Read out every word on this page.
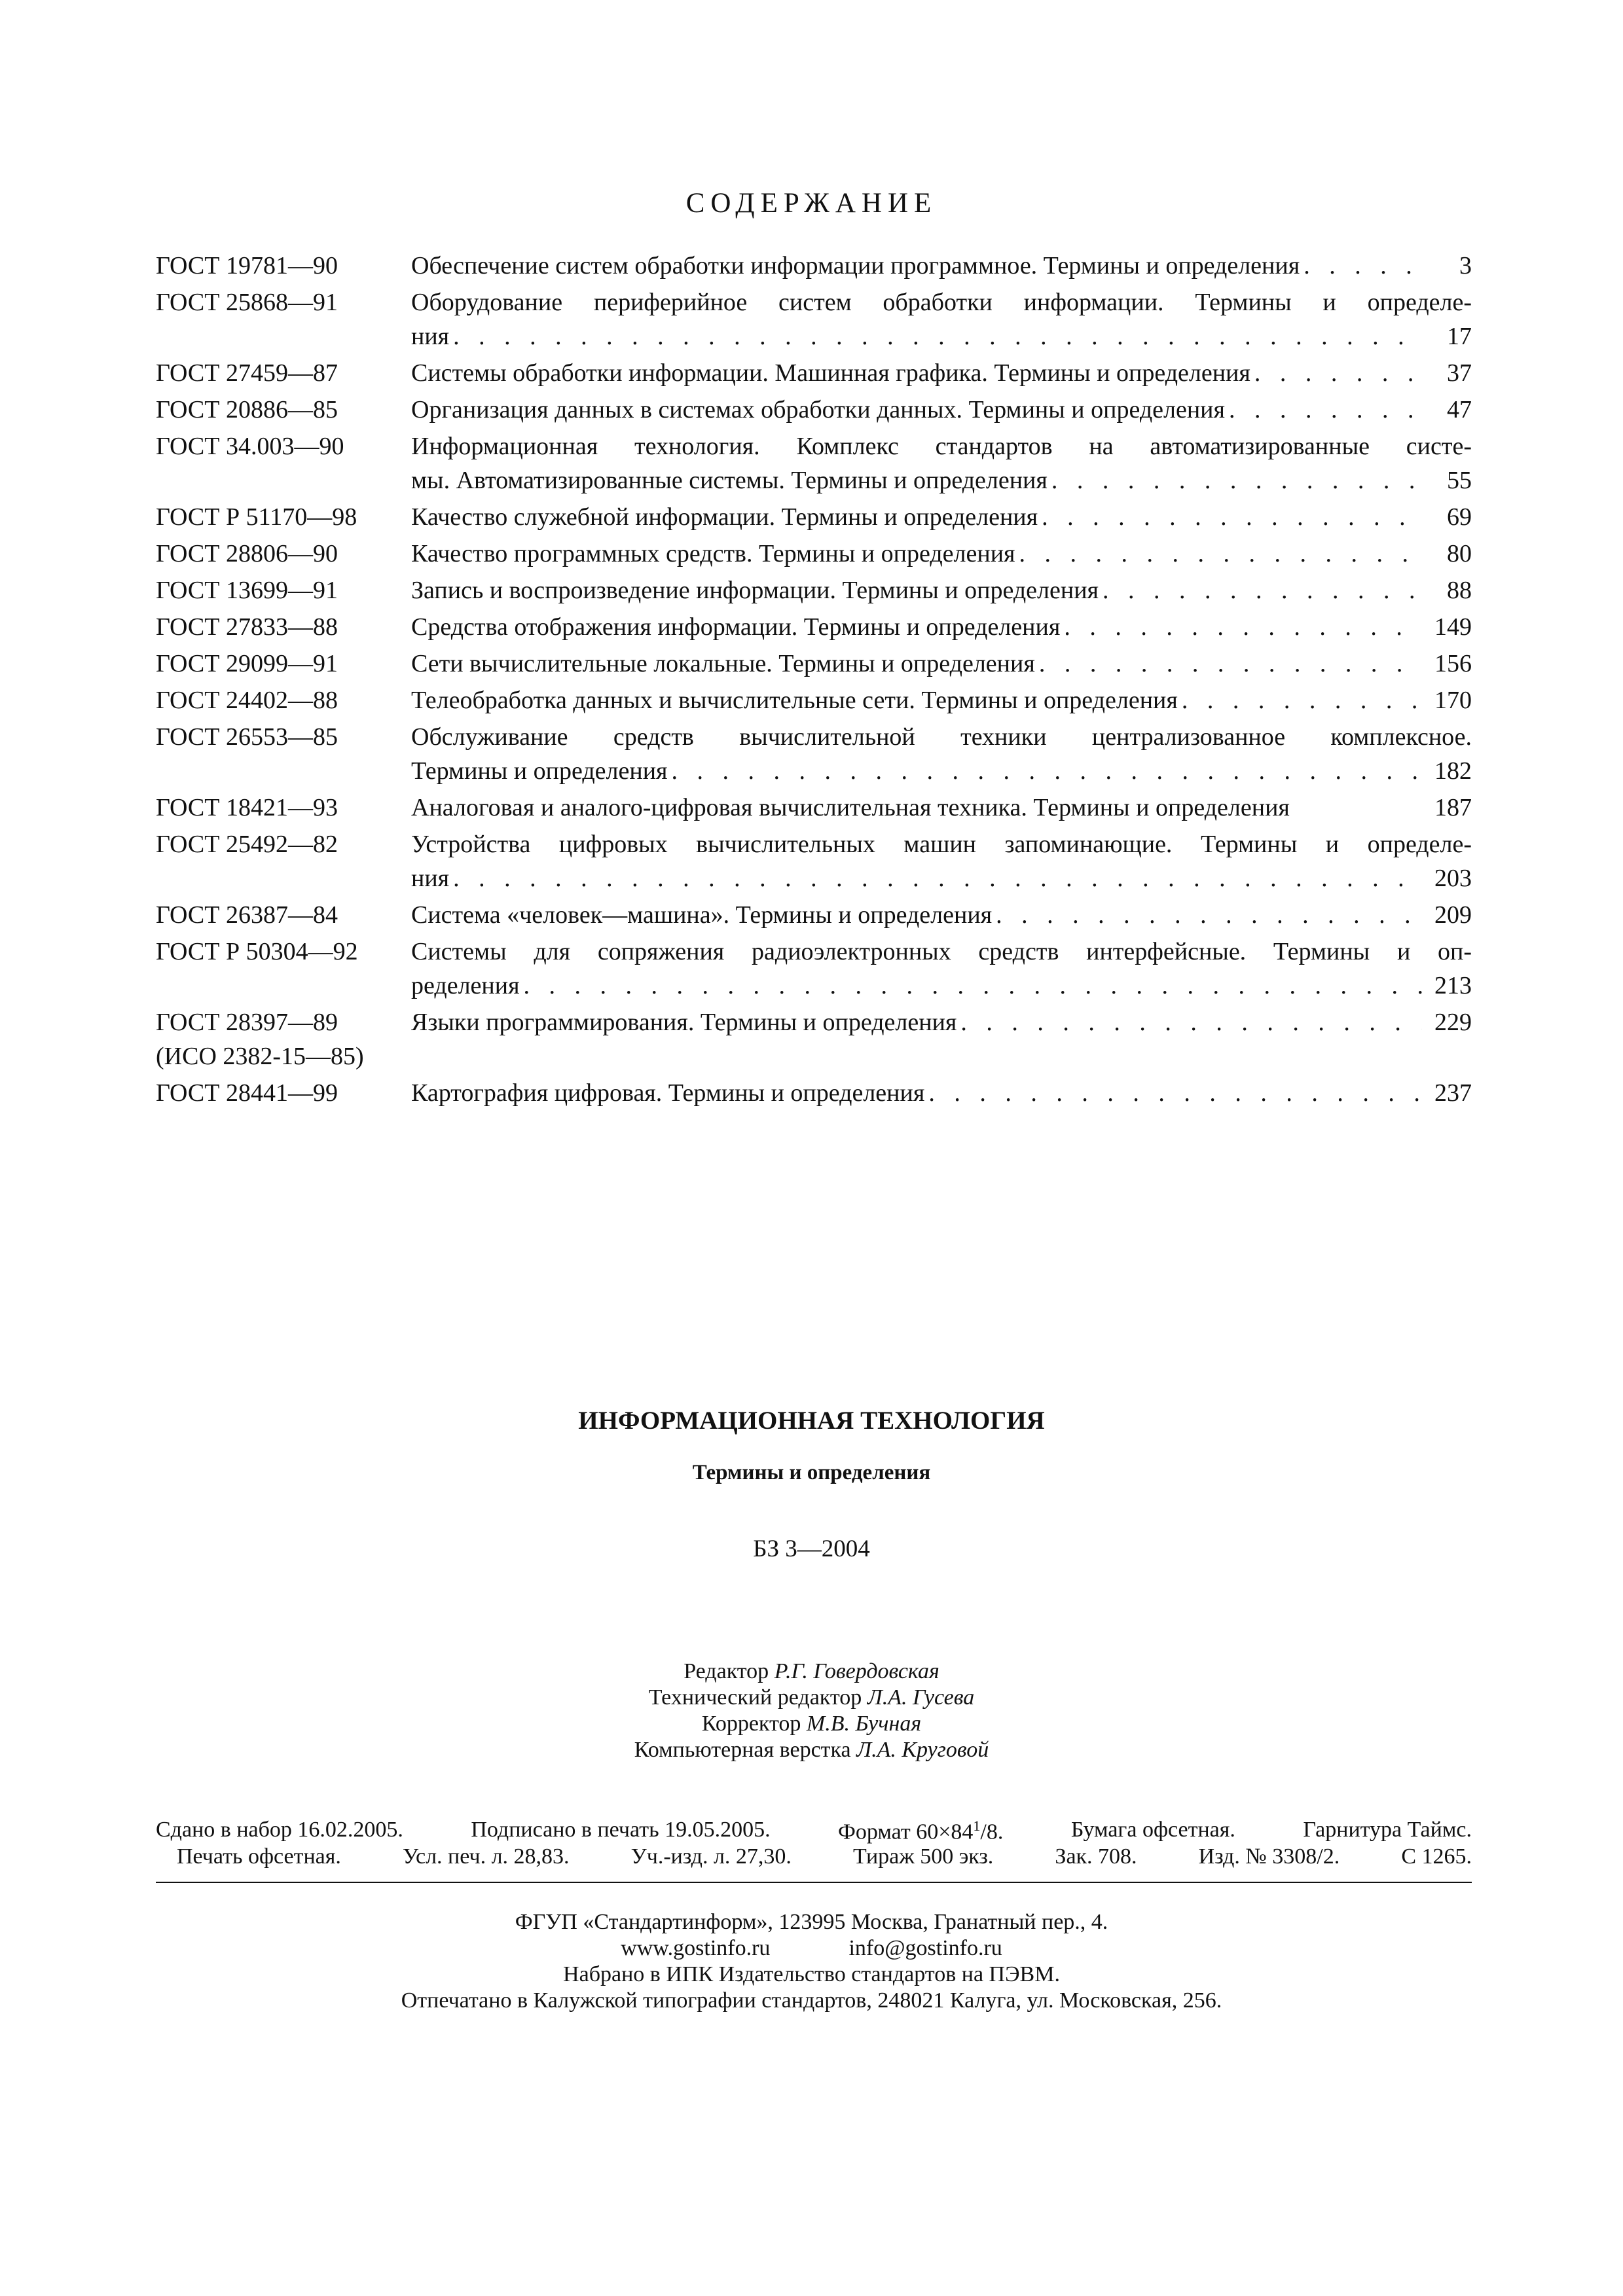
СОДЕРЖАНИЕ
ГОСТ 19781—90	Обеспечение систем обработки информации программное. Термины и определения . . .	3
ГОСТ 25868—91	Оборудование периферийное систем обработки информации. Термины и определе-
ния . . .	17
ГОСТ 27459—87	Системы обработки информации. Машинная графика. Термины и определения . . .	37
ГОСТ 20886—85	Организация данных в системах обработки данных. Термины и определения . . .	47
ГОСТ 34.003—90	Информационная технология. Комплекс стандартов на автоматизированные систе-
мы. Автоматизированные системы. Термины и определения . . .	55
ГОСТ Р 51170—98	Качество служебной информации. Термины и определения . . .	69
ГОСТ 28806—90	Качество программных средств. Термины и определения . . .	80
ГОСТ 13699—91	Запись и воспроизведение информации. Термины и определения . . .	88
ГОСТ 27833—88	Средства отображения информации. Термины и определения . . .	149
ГОСТ 29099—91	Сети вычислительные локальные. Термины и определения . . .	156
ГОСТ 24402—88	Телеобработка данных и вычислительные сети. Термины и определения . . .	170
ГОСТ 26553—85	Обслуживание средств вычислительной техники централизованное комплексное.
Термины и определения . . .	182
ГОСТ 18421—93	Аналоговая и аналого-цифровая вычислительная техника. Термины и определения	187
ГОСТ 25492—82	Устройства цифровых вычислительных машин запоминающие. Термины и определе-
ния . . .	203
ГОСТ 26387—84	Система «человек—машина». Термины и определения . . .	209
ГОСТ Р 50304—92	Системы для сопряжения радиоэлектронных средств интерфейсные. Термины и оп-
ределения . . .	213
ГОСТ 28397—89
(ИСО 2382-15—85)
Языки программирования. Термины и определения . . .	229
ГОСТ 28441—99	Картография цифровая. Термины и определения . . .	237
ИНФОРМАЦИОННАЯ ТЕХНОЛОГИЯ
Термины и определения
БЗ 3—2004
Редактор Р.Г. Говердовская
Технический редактор Л.А. Гусева
Корректор М.В. Бучная
Компьютерная верстка Л.А. Круговой
Сдано в набор 16.02.2005.	Подписано в печать 19.05.2005.	Формат $60\times 84^1/8$.	Бумага офсетная.	Гарнитура Таймс.
Печать офсетная.	Усл. печ. л. 28,83.	Уч.-изд. л. 27,30.	Тираж 500 экз.	Зак. 708.	Изд. № 3308/2.	С 1265.
ФГУП «Стандартинформ», 123995 Москва, Гранатный пер., 4.
www.gostinfo.ru	info@gostinfo.ru
Набрано в ИПК Издательство стандартов на ПЭВМ.
Отпечатано в Калужской типографии стандартов, 248021 Калуга, ул. Московская, 256.
